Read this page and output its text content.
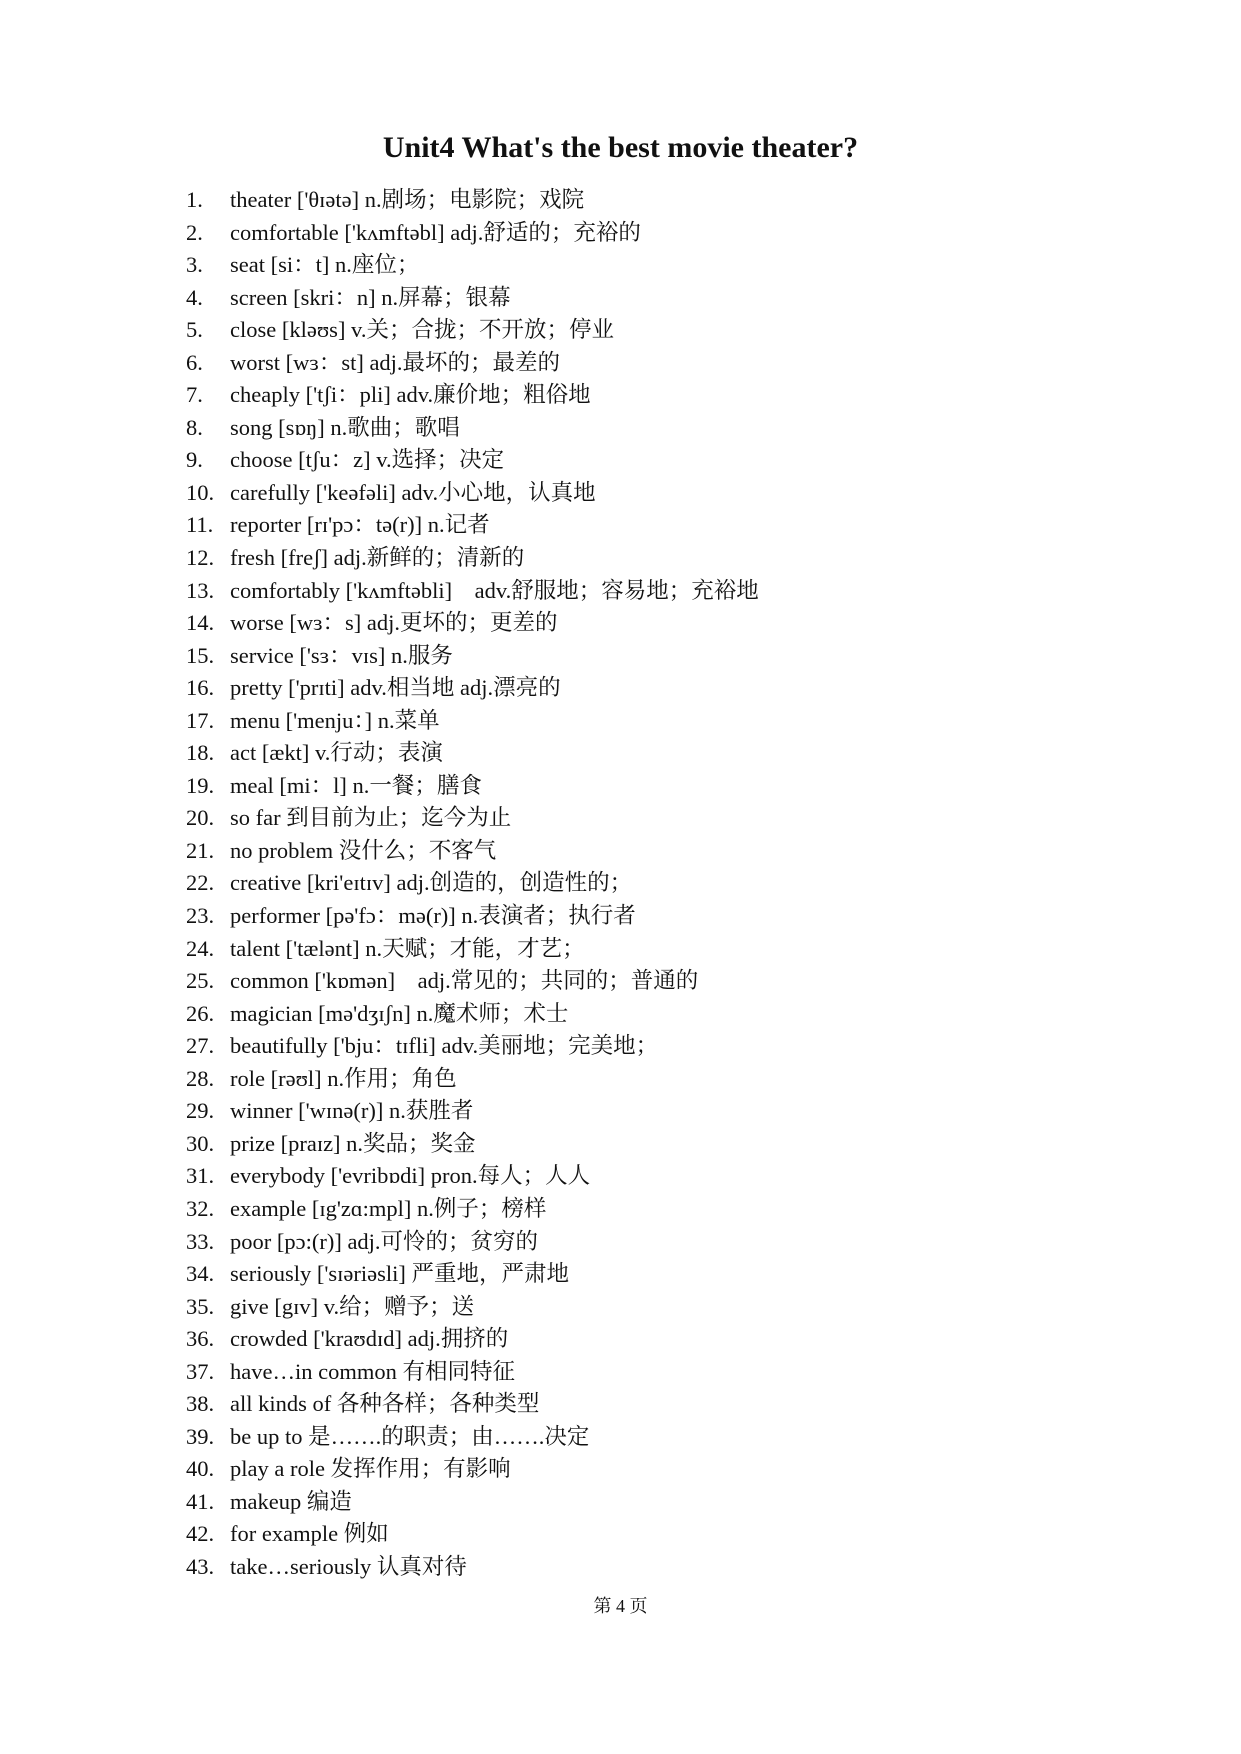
Unit4 What's the best movie theater?
1. theater ['θɪətə] n.剧场；电影院；戏院
2. comfortable ['kʌmftəbl] adj.舒适的；充裕的
3. seat [si：t] n.座位；
4. screen [skri：n] n.屏幕；银幕
5. close [kləʊs] v.关；合拢；不开放；停业
6. worst [wɜ：st] adj.最坏的；最差的
7. cheaply ['tʃi：pli] adv.廉价地；粗俗地
8. song [sɒŋ] n.歌曲；歌唱
9. choose [tʃu：z] v.选择；决定
10. carefully ['keəfəli] adv.小心地，认真地
11. reporter [rɪ'pɔ：tə(r)] n.记者
12. fresh [freʃ] adj.新鲜的；清新的
13. comfortably ['kʌmftəbli]    adv.舒服地；容易地；充裕地
14. worse [wɜ：s] adj.更坏的；更差的
15. service ['sɜ：vɪs] n.服务
16. pretty ['prɪti] adv.相当地 adj.漂亮的
17. menu ['menju：] n.菜单
18. act [ækt] v.行动；表演
19. meal [mi：l] n.一餐；膳食
20. so far 到目前为止；迄今为止
21. no problem 没什么；不客气
22. creative [kri'eɪtɪv] adj.创造的，创造性的；
23. performer [pə'fɔ：mə(r)] n.表演者；执行者
24. talent ['tælənt] n.天赋；才能，才艺；
25. common ['kɒmən]    adj.常见的；共同的；普通的
26. magician [mə'dʒɪʃn] n.魔术师；术士
27. beautifully ['bju：tɪfli] adv.美丽地；完美地；
28. role [rəʊl] n.作用；角色
29. winner ['wɪnə(r)] n.获胜者
30. prize [praɪz] n.奖品；奖金
31. everybody ['evribɒdi] pron.每人；人人
32. example [ɪg'zɑ:mpl] n.例子；榜样
33. poor [pɔ:(r)] adj.可怜的；贫穷的
34. seriously ['sɪəriəsli] 严重地，严肃地
35. give [gɪv] v.给；赠予；送
36. crowded ['kraʊdɪd] adj.拥挤的
37. have…in common 有相同特征
38. all kinds of 各种各样；各种类型
39. be up to 是…….的职责；由…….决定
40. play a role 发挥作用；有影响
41. makeup 编造
42. for example 例如
43. take…seriously 认真对待
第 4 页
